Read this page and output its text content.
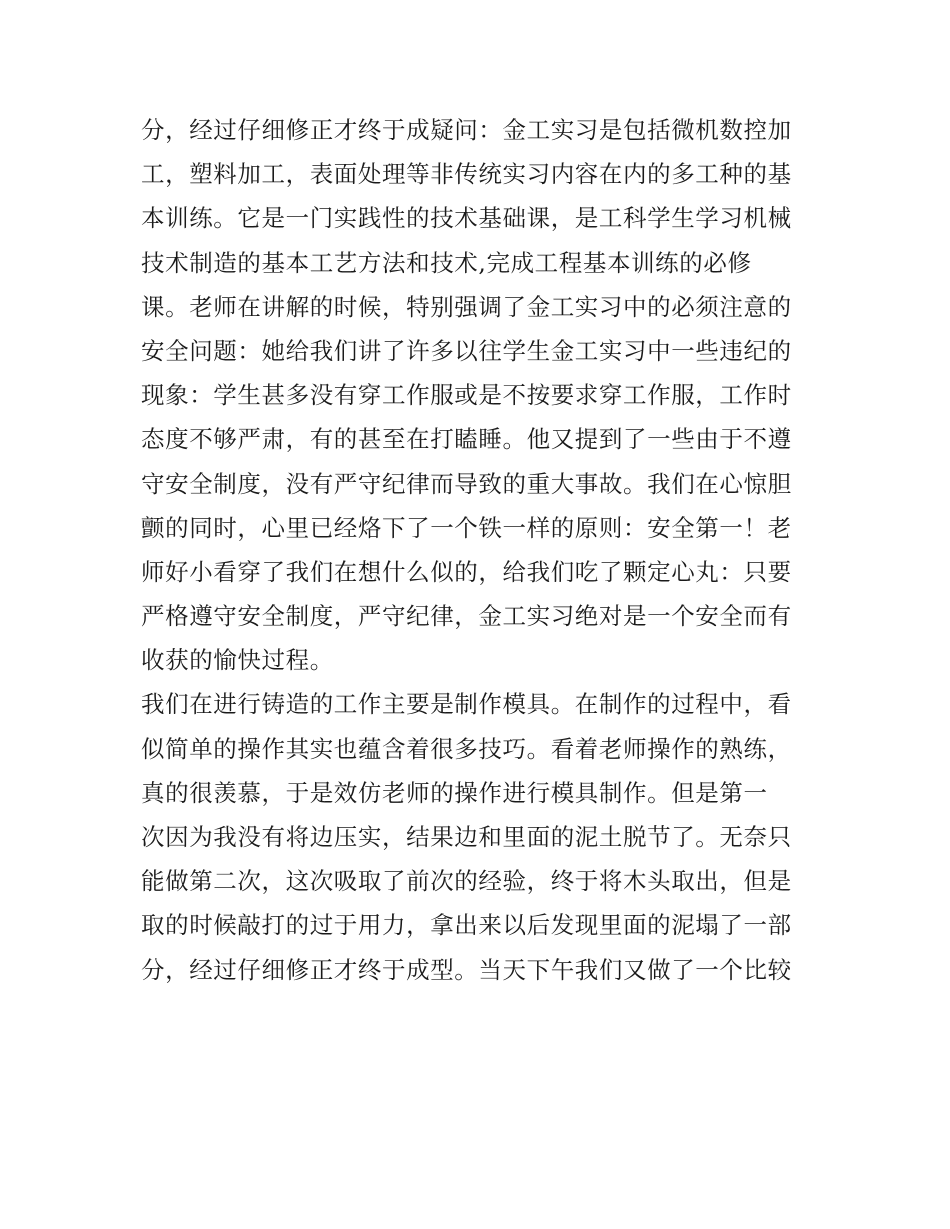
分，经过仔细修正才终于成疑问：金工实习是包括微机数控加
工，塑料加工，表面处理等非传统实习内容在内的多工种的基
本训练。它是一门实践性的技术基础课，是工科学生学习机械
技术制造的基本工艺方法和技术,完成工程基本训练的必修
课。老师在讲解的时候，特别强调了金工实习中的必须注意的
安全问题：她给我们讲了许多以往学生金工实习中一些违纪的
现象：学生甚多没有穿工作服或是不按要求穿工作服，工作时
态度不够严肃，有的甚至在打瞌睡。他又提到了一些由于不遵
守安全制度，没有严守纪律而导致的重大事故。我们在心惊胆
颤的同时，心里已经烙下了一个铁一样的原则：安全第一！老
师好小看穿了我们在想什么似的，给我们吃了颗定心丸：只要
严格遵守安全制度，严守纪律，金工实习绝对是一个安全而有
收获的愉快过程。
我们在进行铸造的工作主要是制作模具。在制作的过程中，看
似简单的操作其实也蕴含着很多技巧。看着老师操作的熟练，
真的很羡慕，于是效仿老师的操作进行模具制作。但是第一
次因为我没有将边压实，结果边和里面的泥土脱节了。无奈只
能做第二次，这次吸取了前次的经验，终于将木头取出，但是
取的时候敲打的过于用力，拿出来以后发现里面的泥塌了一部
分，经过仔细修正才终于成型。当天下午我们又做了一个比较
